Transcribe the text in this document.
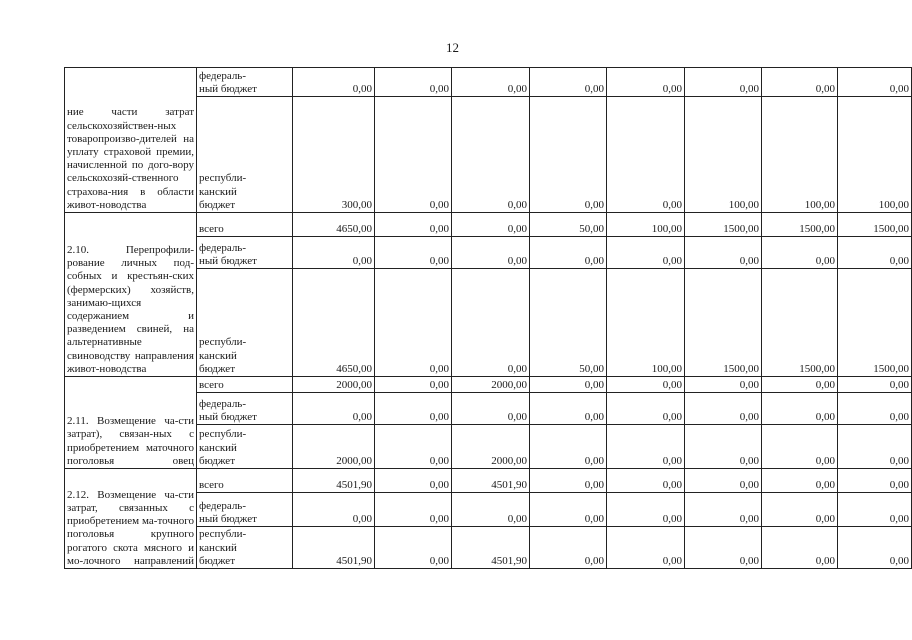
12
ние части затрат сельскохозяйствен-ных товаропроизво-дителей на уплату страховой премии, начисленной по дого-вору сельскохозяй-ственного страхова-ния в области живот-новодства	федераль-
ный бюджет	0,00	0,00	0,00	0,00	0,00	0,00	0,00	0,00

	республи-
канский
бюджет	300,00	0,00	0,00	0,00	0,00	100,00	100,00	100,00
2.10. Перепрофили-рование личных под-собных и крестьян-ских (фермерских) хозяйств, занимаю-щихся содержанием и разведением свиней, на альтернативные свиноводству направления живот-новодства	всего	4650,00	0,00	0,00	50,00	100,00	1500,00	1500,00	1500,00

	федераль-
ный бюджет	0,00	0,00	0,00	0,00	0,00	0,00	0,00	0,00

	республи-
канский
бюджет	4650,00	0,00	0,00	50,00	100,00	1500,00	1500,00	1500,00
2.11. Возмещение ча-сти затрат), связан-ных с приобретением маточного поголовья овец	всего	2000,00	0,00	2000,00	0,00	0,00	0,00	0,00	0,00

	федераль-
ный бюджет	0,00	0,00	0,00	0,00	0,00	0,00	0,00	0,00

	республи-
канский
бюджет	2000,00	0,00	2000,00	0,00	0,00	0,00	0,00	0,00
2.12. Возмещение ча-сти затрат, связанных с приобретением ма-точного поголовья крупного рогатого скота мясного и мо-лочного направлений	всего	4501,90	0,00	4501,90	0,00	0,00	0,00	0,00	0,00

	федераль-
ный бюджет	0,00	0,00	0,00	0,00	0,00	0,00	0,00	0,00

	республи-
канский
бюджет	4501,90	0,00	4501,90	0,00	0,00	0,00	0,00	0,00
